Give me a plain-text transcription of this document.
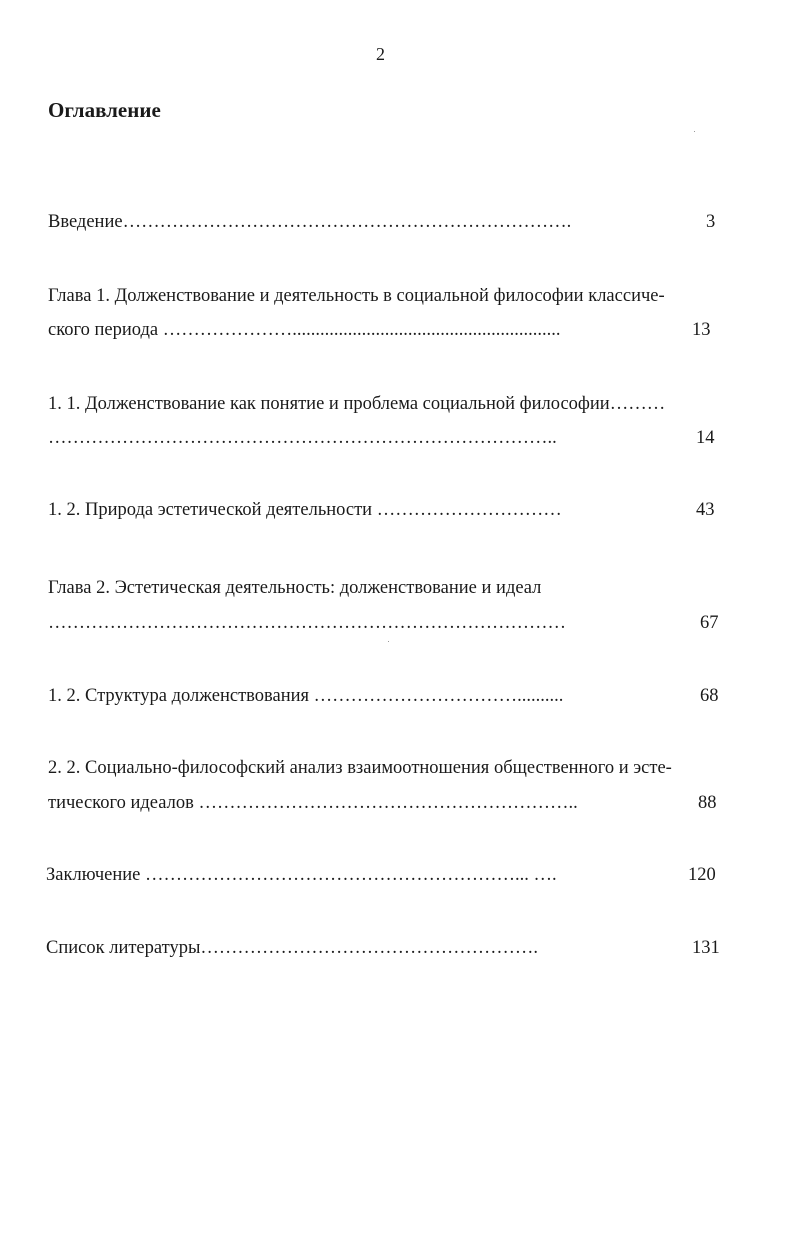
2
Оглавление
Введение……………………………………………………………….	3
Глава 1. Долженствование и деятельность в социальной философии классиче-
ского периода …………………..........................................................	13
1. 1. Долженствование как понятие и проблема социальной философии………
………………………………………………………………………..	14
1. 2. Природа эстетической деятельности …………………………	43
Глава 2. Эстетическая деятельность: долженствование и идеал
…………………………………………………………………………	67
1. 2. Структура долженствования ……………………………..........	68
2. 2. Социально-философский анализ взаимоотношения общественного и эсте-
тического идеалов ……………………………………………………..	88
Заключение ……………………………………………………... ….	120
Список литературы……………………………………………….	131
